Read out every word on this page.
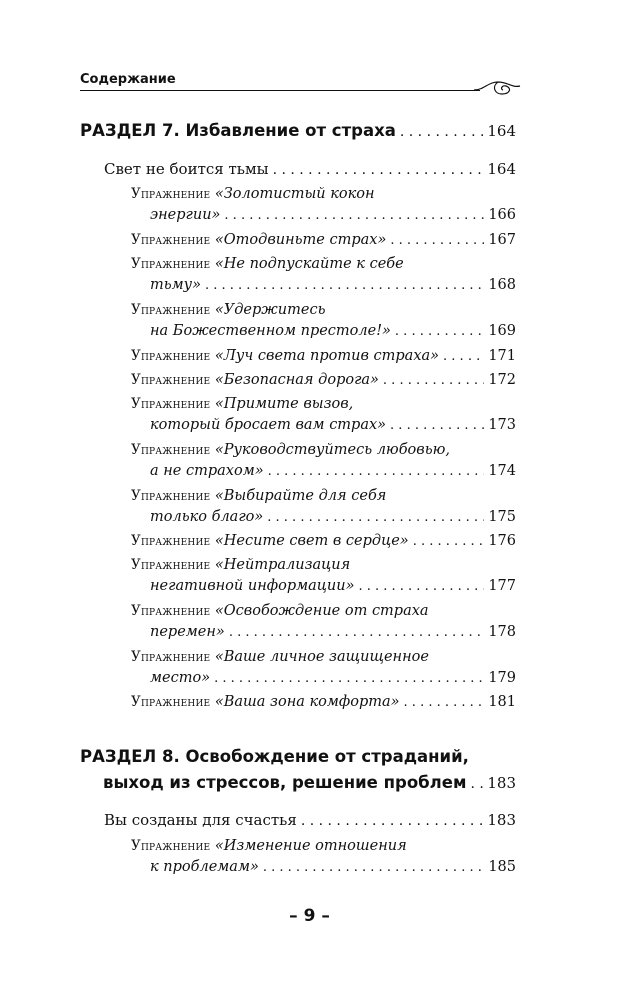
Содержание
РАЗДЕЛ 7. Избавление от страха . . .	164
Свет не боится тьмы . . .	164
Упражнение «Золотистый кокон
энергии» . . .	166
Упражнение
«Отодвиньте страх» . . .	167
Упражнение «Не подпускайте к себе
тьму» . . .	168
Упражнение «Удержитесь
на Божественном престоле!» . . .	169
Упражнение
«Луч света против страха» . . .	171
Упражнение
«Безопасная дорога» . . .	172
Упражнение «Примите вызов,
который бросает вам страх» . . .	173
Упражнение «Руководствуйтесь любовью,
а не страхом» . . .	174
Упражнение «Выбирайте для себя
только благо» . . .	175
Упражнение
«Несите свет в сердце» . . .	176
Упражнение «Нейтрализация
негативной информации» . . .	177
Упражнение «Освобождение от страха
перемен» . . .	178
Упражнение «Ваше личное защищенное
место» . . .	179
Упражнение
«Ваша зона комфорта» . . .	181
РАЗДЕЛ 8. Освобождение от страданий,
выход из стрессов, решение проблем . . . 183
Вы созданы для счастья . . .	183
Упражнение «Изменение отношения
к проблемам» . . .	185
– 9 –
